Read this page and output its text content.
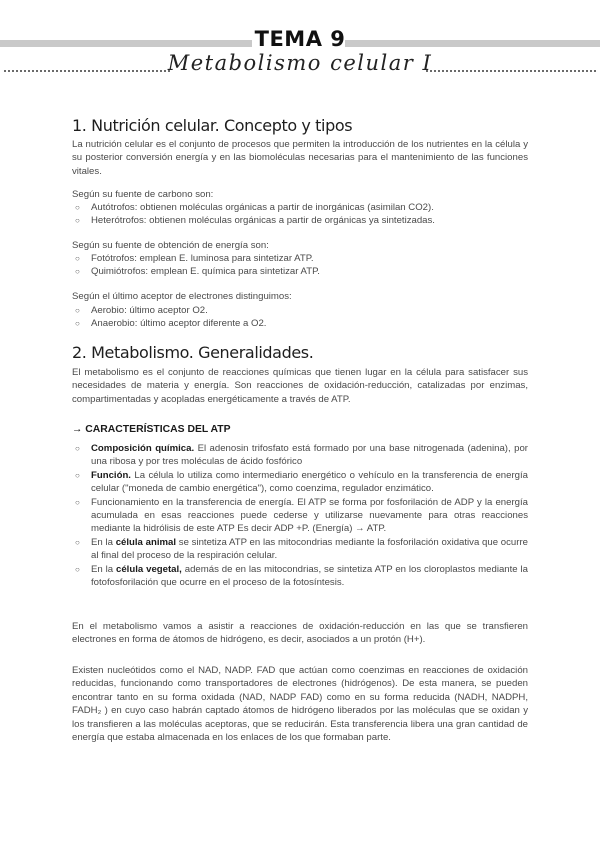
TEMA 9
Metabolismo celular I
1. Nutrición celular. Concepto y tipos

La nutrición celular es el conjunto de procesos que permiten la introducción de los nutrientes en la célula y su posterior conversión energía y en las biomoléculas necesarias para el mantenimiento de las funciones vitales.

Según su fuente de carbono son:

○ Autótrofos: obtienen moléculas orgánicas a partir de inorgánicas (asimilan CO2).
○ Heterótrofos: obtienen moléculas orgánicas a partir de orgánicas ya sintetizadas.

Según su fuente de obtención de energía son:

○ Fotótrofos: emplean E. luminosa para sintetizar ATP.
○ Quimiótrofos: emplean E. química para sintetizar ATP.

Según el último aceptor de electrones distinguimos:

○ Aerobio: último aceptor O2.
○ Anaerobio: último aceptor diferente a O2.
2. Metabolismo. Generalidades.

El metabolismo es el conjunto de reacciones químicas que tienen lugar en la célula para satisfacer sus necesidades de materia y energía. Son reacciones de oxidación-reducción, catalizadas por enzimas, compartimentadas y acopladas energéticamente a través de ATP.

→ CARACTERÍSTICAS DEL ATP
○ Composición química. El adenosin trifosfato está formado por una base nitrogenada (adenina), por una ribosa y por tres moléculas de ácido fosfórico
○ Función. La célula lo utiliza como intermediario energético o vehículo en la transferencia de energía celular ("moneda de cambio energética"), como coenzima, regulador enzimático.
○ Funcionamiento en la transferencia de energía. El ATP se forma por fosforilación de ADP y la energía acumulada en esas reacciones puede cederse y utilizarse nuevamente para otras reacciones mediante la hidrólisis de este ATP Es decir ADP +P. (Energía) → ATP.
○ En la célula animal se sintetiza ATP en las mitocondrias mediante la fosforilación oxidativa que ocurre al final del proceso de la respiración celular.
○ En la célula vegetal, además de en las mitocondrias, se sintetiza ATP en los cloroplastos mediante la fotofosforilación que ocurre en el proceso de la fotosíntesis.

En el metabolismo vamos a asistir a reacciones de oxidación-reducción en las que se transfieren electrones en forma de átomos de hidrógeno, es decir, asociados a un protón (H+).

Existen nucleótidos como el NAD, NADP. FAD que actúan como coenzimas en reacciones de oxidación reducidas, funcionando como transportadores de electrones (hidrógenos). De esta manera, se pueden encontrar tanto en su forma oxidada (NAD, NADP FAD) como en su forma reducida (NADH, NADPH, FADH₂ ) en cuyo caso habrán captado átomos de hidrógeno liberados por las moléculas que se oxidan y los transfieren a las moléculas aceptoras, que se reducirán. Esta transferencia libera una gran cantidad de energía que estaba almacenada en los enlaces de los que formaban parte.
